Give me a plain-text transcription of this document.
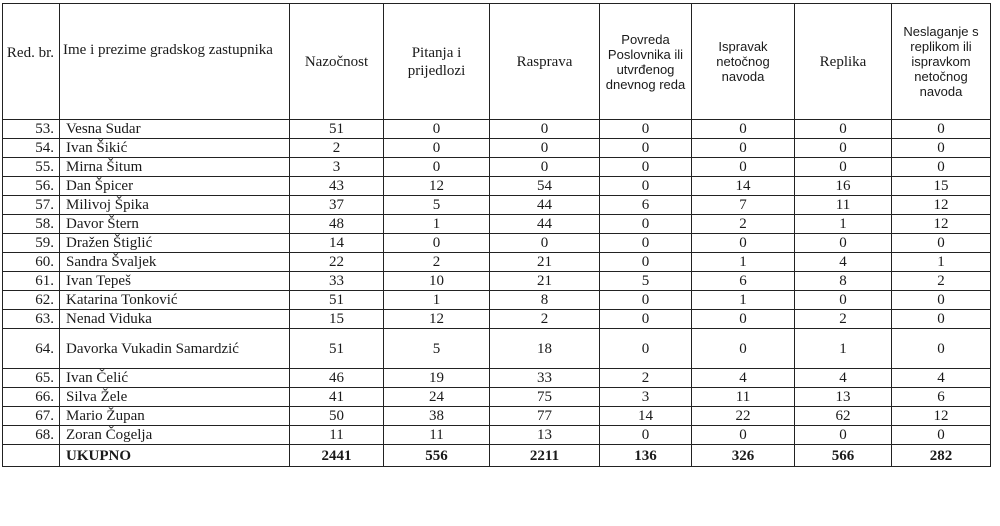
Red. br.	Ime i prezime gradskog zastupnika	Nazočnost	Pitanja i prijedlozi	Rasprava	Povreda Poslovnika ili utvrđenog dnevnog reda	Ispravak netočnog navoda	Replika	Neslaganje s replikom ili ispravkom netočnog navoda
53.	Vesna Sudar	51	0	0	0	0	0	0
54.	Ivan Šikić	2	0	0	0	0	0	0
55.	Mirna Šitum	3	0	0	0	0	0	0
56.	Dan Špicer	43	12	54	0	14	16	15
57.	Milivoj Špika	37	5	44	6	7	11	12
58.	Davor Štern	48	1	44	0	2	1	12
59.	Dražen Štiglić	14	0	0	0	0	0	0
60.	Sandra Švaljek	22	2	21	0	1	4	1
61.	Ivan Tepeš	33	10	21	5	6	8	2
62.	Katarina Tonković	51	1	8	0	1	0	0
63.	Nenad Viduka	15	12	2	0	0	2	0
64.	Davorka Vukadin Samardzić	51	5	18	0	0	1	0
65.	Ivan Čelić	46	19	33	2	4	4	4
66.	Silva Žele	41	24	75	3	11	13	6
67.	Mario Župan	50	38	77	14	22	62	12
68.	Zoran Čogelja	11	11	13	0	0	0	0
	UKUPNO	2441	556	2211	136	326	566	282
